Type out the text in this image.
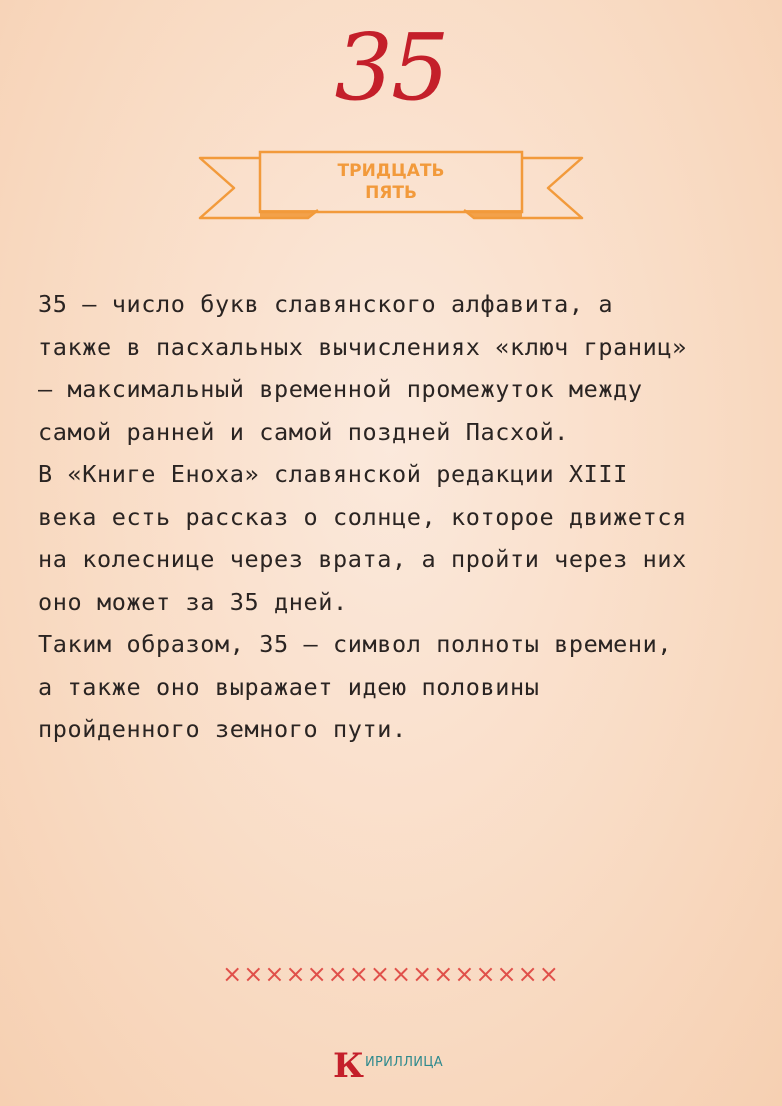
35
ТРИДЦАТЬ
ПЯТЬ
35 – число букв славянского алфавита, а
также в пасхальных вычислениях «ключ границ»
– максимальный временной промежуток между
самой ранней и самой поздней Пасхой.
В «Книге Еноха» славянской редакции XIII
века есть рассказ о солнце, которое движется
на колеснице через врата, а пройти через них
оно может за 35 дней.
Таким образом, 35 – символ полноты времени,
а также оно выражает идею половины
пройденного земного пути.
××××××××××××××××
К ИРИЛЛИЦА
